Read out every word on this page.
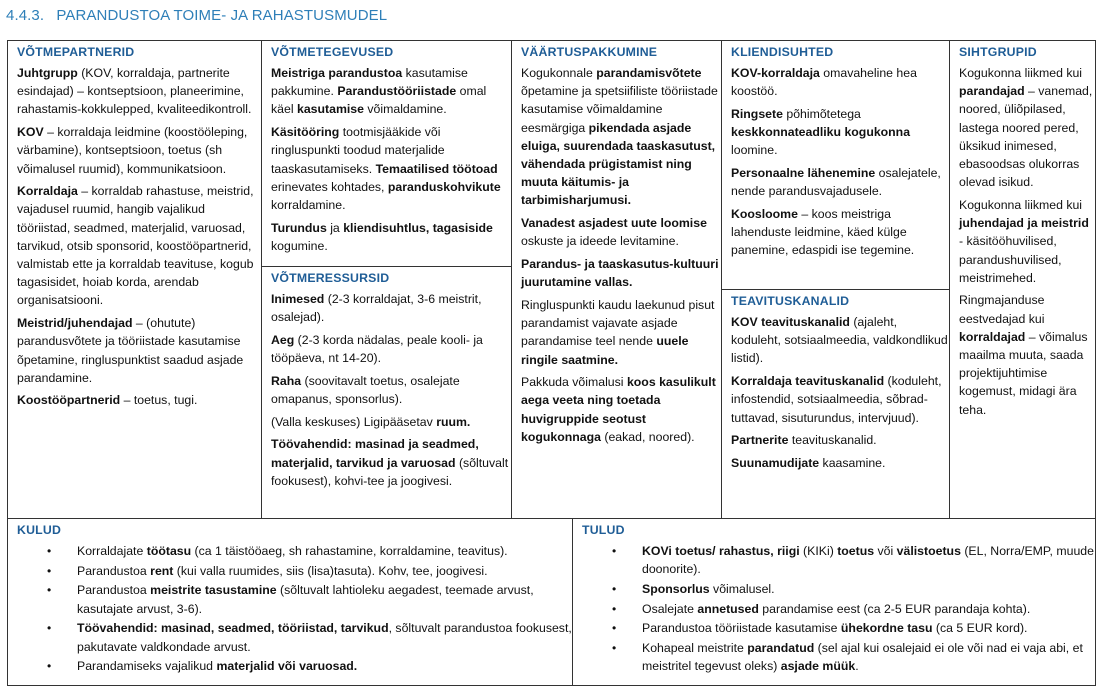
4.4.3. PARANDUSTOA TOIME- JA RAHASTUSMUDEL
VÕTMEPARTNERID
Juhtgrupp (KOV, korraldaja, partnerite esindajad) – kontseptsioon, planeerimine, rahastamis-kokkulepped, kvaliteedikontroll.
KOV – korraldaja leidmine (koostööleping, värbamine), kontseptsioon, toetus (sh võimalusel ruumid), kommunikatsioon.
Korraldaja – korraldab rahastuse, meistrid, vajadusel ruumid, hangib vajalikud tööriistad, seadmed, materjalid, varuosad, tarvikud, otsib sponsorid, koostööpartnerid, valmistab ette ja korraldab teavituse, kogub tagasisidet, hoiab korda, arendab organisatsiooni.
Meistrid/juhendajad – (ohutute) parandusvõtete ja tööriistade kasutamise õpetamine, ringluspunktist saadud asjade parandamine.
Koostööpartnerid – toetus, tugi.
VÕTMETEGEVUSED
Meistriga parandustoa kasutamise pakkumine. Parandustööriistade omal käel kasutamise võimaldamine.
Käsitööring tootmisjääkide või ringluspunkti toodud materjalide taaskasutamiseks. Temaatilised töötoad erinevates kohtades, paranduskohvikute korraldamine.
Turundus ja kliendisuhtlus, tagasiside kogumine.
VÕTMERESSURSID
Inimesed (2-3 korraldajat, 3-6 meistrit, osalejad).
Aeg (2-3 korda nädalas, peale kooli- ja tööpäeva, nt 14-20).
Raha (soovitavalt toetus, osalejate omapanus, sponsorlus).
(Valla keskuses) Ligipääsetav ruum.
Töövahendid: masinad ja seadmed, materjalid, tarvikud ja varuosad (sõltuvalt fookusest), kohvi-tee ja joogivesi.
VÄÄRTUSPAKKUMINE
Kogukonnale parandamisvõtete õpetamine ja spetsiifiliste tööriistade kasutamise võimaldamine eesmärgiga pikendada asjade eluiga, suurendada taaskasutust, vähendada prügistamist ning muuta käitumis- ja tarbimisharjumusi.
Vanadest asjadest uute loomise oskuste ja ideede levitamine.
Parandus- ja taaskasutus-kultuuri juurutamine vallas.
Ringluspunkti kaudu laekunud pisut parandamist vajavate asjade parandamise teel nende uuele ringile saatmine.
Pakkuda võimalusi koos kasulikult aega veeta ning toetada huvigruppide seotust kogukonnaga (eakad, noored).
KLIENDISUHTED
KOV-korraldaja omavaheline hea koostöö.
Ringsete põhimõtetega keskkonnateadliku kogukonna loomine.
Personaalne lähenemine osalejatele, nende parandusvajadusele.
Koosloome – koos meistriga lahenduste leidmine, käed külge panemine, edaspidi ise tegemine.
TEAVITUSKANALID
KOV teavituskanalid (ajaleht, koduleht, sotsiaalmeedia, valdkondlikud listid).
Korraldaja teavituskanalid (koduleht, infostendid, sotsiaalmeedia, sõbrad-tuttavad, sisuturundus, intervjuud).
Partnerite teavituskanalid.
Suunamudijate kaasamine.
SIHTGRUPID
Kogukonna liikmed kui parandajad – vanemad, noored, üliõpilased, lastega noored pered, üksikud inimesed, ebasoodsas olukorras olevad isikud.
Kogukonna liikmed kui juhendajad ja meistrid - käsitööhuvilised, parandushuvilised, meistrimehed.
Ringmajanduse eestvedajad kui korraldajad – võimalus maailma muuta, saada projektijuhtimise kogemust, midagi ära teha.
KULUD
• Korraldajate töötasu (ca 1 täistööaeg, sh rahastamine, korraldamine, teavitus).
• Parandustoa rent (kui valla ruumides, siis (lisa)tasuta). Kohv, tee, joogivesi.
• Parandustoa meistrite tasustamine (sõltuvalt lahtioleku aegadest, teemade arvust, kasutajate arvust, 3-6).
• Töövahendid: masinad, seadmed, tööriistad, tarvikud, sõltuvalt parandustoa fookusest, pakutavate valdkondade arvust.
• Parandamiseks vajalikud materjalid või varuosad.
TULUD
• KOVi toetus/ rahastus, riigi (KIKi) toetus või välistoetus (EL, Norra/EMP, muude doonorite).
• Sponsorlus võimalusel.
• Osalejate annetused parandamise eest (ca 2-5 EUR parandaja kohta).
• Parandustoa tööriistade kasutamise ühekordne tasu (ca 5 EUR kord).
• Kohapeal meistrite parandatud (sel ajal kui osalejaid ei ole või nad ei vaja abi, et meistritel tegevust oleks) asjade müük.
